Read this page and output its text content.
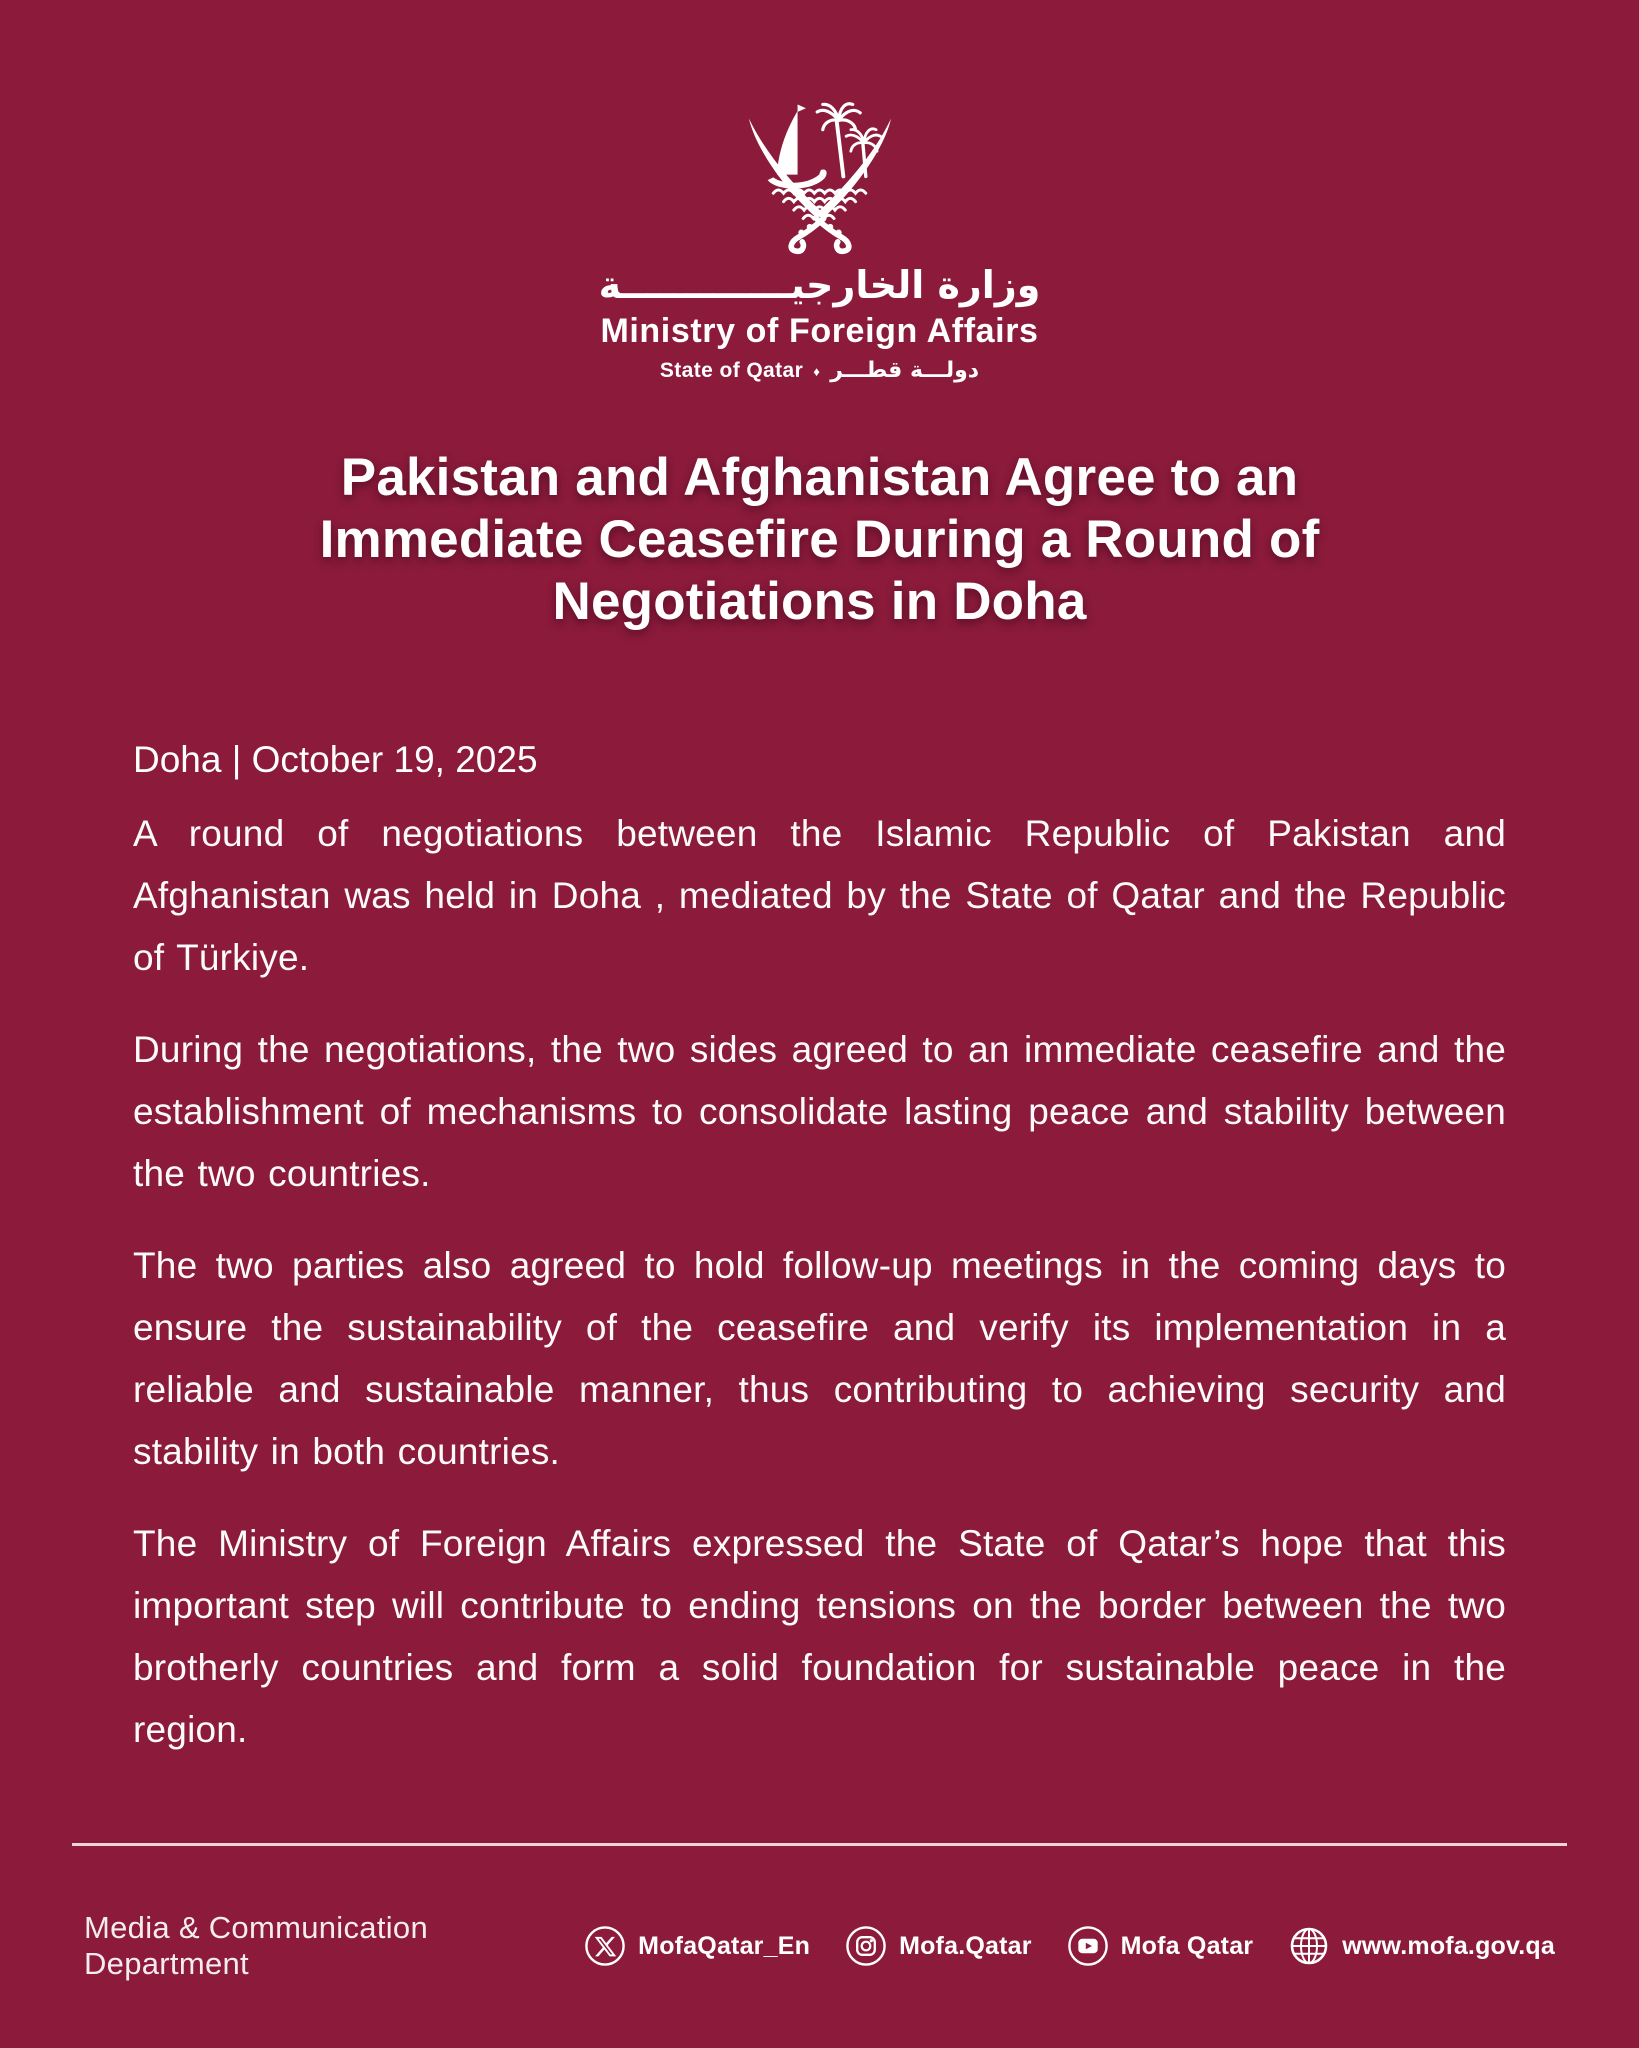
وزارة الخارجيـــــــــــــة
Ministry of Foreign Affairs
State of Qatar ♦ دولـــة قطـــر
Pakistan and Afghanistan Agree to an Immediate Ceasefire During a Round of Negotiations in Doha

Doha | October 19, 2025

A round of negotiations between the Islamic Republic of Pakistan and Afghanistan was held in Doha , mediated by the State of Qatar and the Republic of Türkiye.

During the negotiations, the two sides agreed to an immediate ceasefire and the establishment of mechanisms to consolidate lasting peace and stability between the two countries.

The two parties also agreed to hold follow-up meetings in the coming days to ensure the sustainability of the ceasefire and verify its implementation in a reliable and sustainable manner, thus contributing to achieving security and stability in both countries.

The Ministry of Foreign Affairs expressed the State of Qatar’s hope that this important step will contribute to ending tensions on the border between the two brotherly countries and form a solid foundation for sustainable peace in the region.

Media & Communication Department
MofaQatar_En	Mofa.Qatar	Mofa Qatar	www.mofa.gov.qa
